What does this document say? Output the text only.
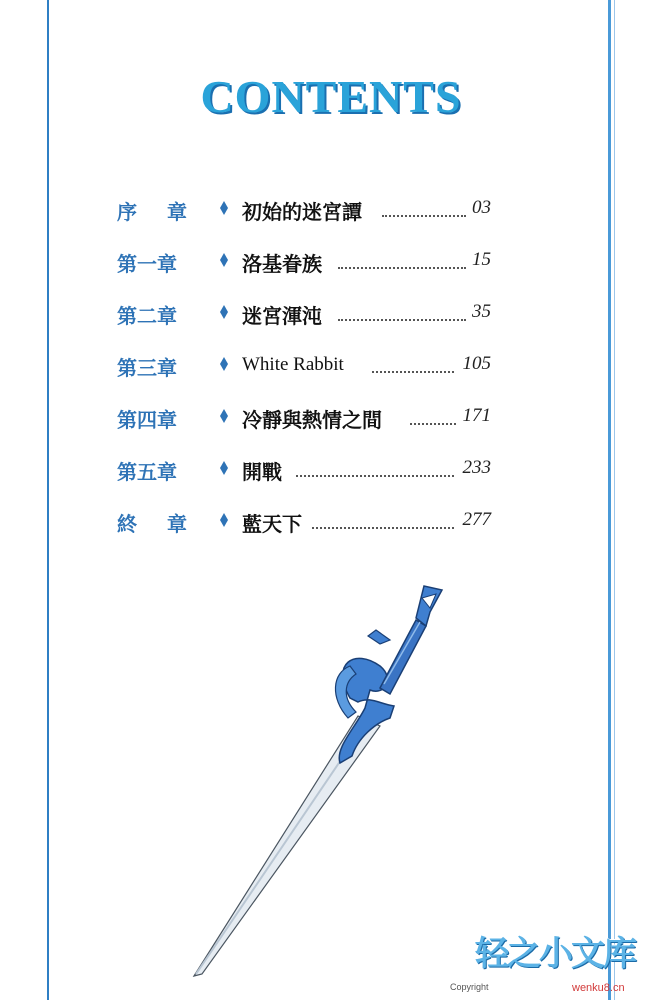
CONTENTS
序 章	初始的迷宮譚	03
第一章	洛基眷族	15
第二章	迷宮渾沌	35
第三章	White Rabbit	105
第四章	冷靜與熱情之間	171
第五章	開戰	233
終 章	藍天下	277
轻之小文库
Copyright	wenku8.cn
